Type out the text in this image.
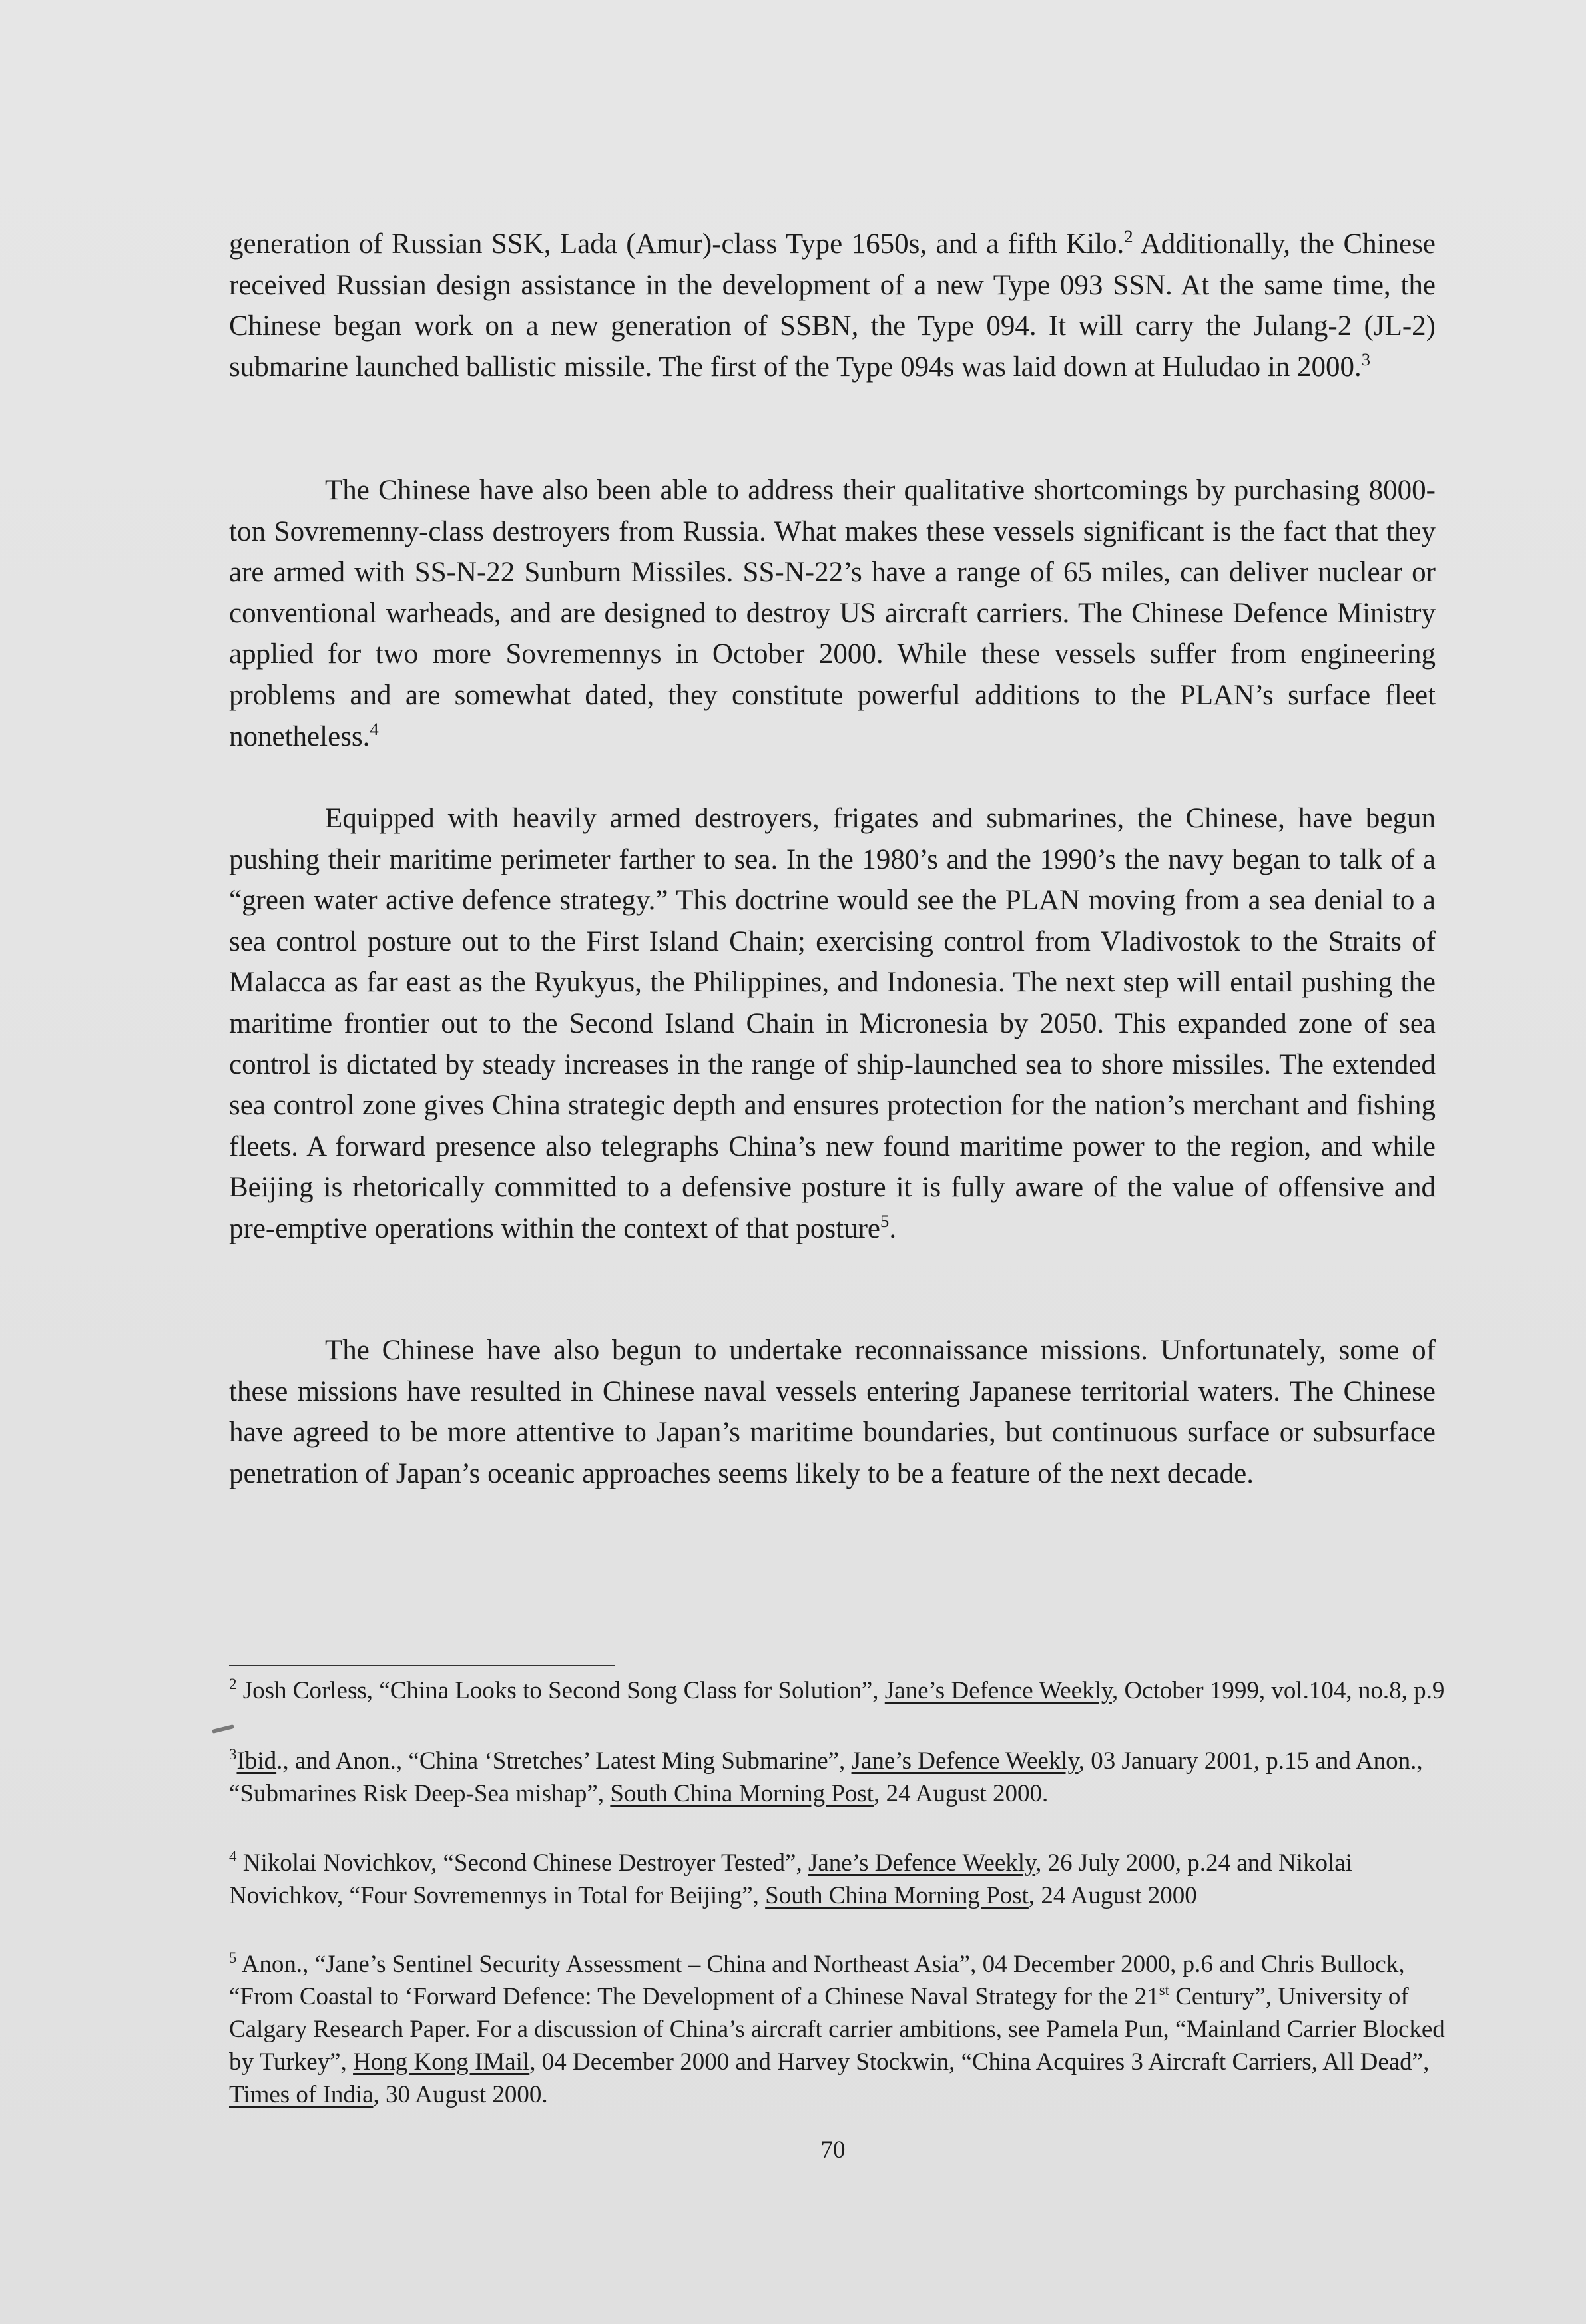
generation of Russian SSK, Lada (Amur)-class Type 1650s, and a fifth Kilo.$^2$ Additionally, the Chinese received Russian design assistance in the development of a new Type 093 SSN. At the same time, the Chinese began work on a new generation of SSBN, the Type 094. It will carry the Julang-2 (JL-2) submarine launched ballistic missile. The first of the Type 094s was laid down at Huludao in 2000.$^3$

The Chinese have also been able to address their qualitative shortcomings by purchasing 8000-ton Sovremenny-class destroyers from Russia. What makes these vessels significant is the fact that they are armed with SS-N-22 Sunburn Missiles. SS-N-22’s have a range of 65 miles, can deliver nuclear or conventional warheads, and are designed to destroy US aircraft carriers. The Chinese Defence Ministry applied for two more Sovremennys in October 2000. While these vessels suffer from engineering problems and are somewhat dated, they constitute powerful additions to the PLAN’s surface fleet nonetheless.$^4$

Equipped with heavily armed destroyers, frigates and submarines, the Chinese, have begun pushing their maritime perimeter farther to sea. In the 1980’s and the 1990’s the navy began to talk of a “green water active defence strategy.” This doctrine would see the PLAN moving from a sea denial to a sea control posture out to the First Island Chain; exercising control from Vladivostok to the Straits of Malacca as far east as the Ryukyus, the Philippines, and Indonesia. The next step will entail pushing the maritime frontier out to the Second Island Chain in Micronesia by 2050. This expanded zone of sea control is dictated by steady increases in the range of ship-launched sea to shore missiles. The extended sea control zone gives China strategic depth and ensures protection for the nation’s merchant and fishing fleets. A forward presence also telegraphs China’s new found maritime power to the region, and while Beijing is rhetorically committed to a defensive posture it is fully aware of the value of offensive and pre-emptive operations within the context of that posture$^5$.

The Chinese have also begun to undertake reconnaissance missions. Unfortunately, some of these missions have resulted in Chinese naval vessels entering Japanese territorial waters. The Chinese have agreed to be more attentive to Japan’s maritime boundaries, but continuous surface or subsurface penetration of Japan’s oceanic approaches seems likely to be a feature of the next decade.

$^2$ Josh Corless, “China Looks to Second Song Class for Solution”, Jane’s Defence Weekly, October 1999, vol.104, no.8, p.9

$^3$Ibid., and Anon., “China ‘Stretches’ Latest Ming Submarine”, Jane’s Defence Weekly, 03 January 2001, p.15 and Anon., “Submarines Risk Deep-Sea mishap”, South China Morning Post, 24 August 2000.

$^4$ Nikolai Novichkov, “Second Chinese Destroyer Tested”, Jane’s Defence Weekly, 26 July 2000, p.24 and Nikolai Novichkov, “Four Sovremennys in Total for Beijing”, South China Morning Post, 24 August 2000

$^5$ Anon., “Jane’s Sentinel Security Assessment – China and Northeast Asia”, 04 December 2000, p.6 and Chris Bullock, “From Coastal to ‘Forward Defence: The Development of a Chinese Naval Strategy for the 21st Century”, University of Calgary Research Paper. For a discussion of China’s aircraft carrier ambitions, see Pamela Pun, “Mainland Carrier Blocked by Turkey”, Hong Kong IMail, 04 December 2000 and Harvey Stockwin, “China Acquires 3 Aircraft Carriers, All Dead”, Times of India, 30 August 2000.

70
